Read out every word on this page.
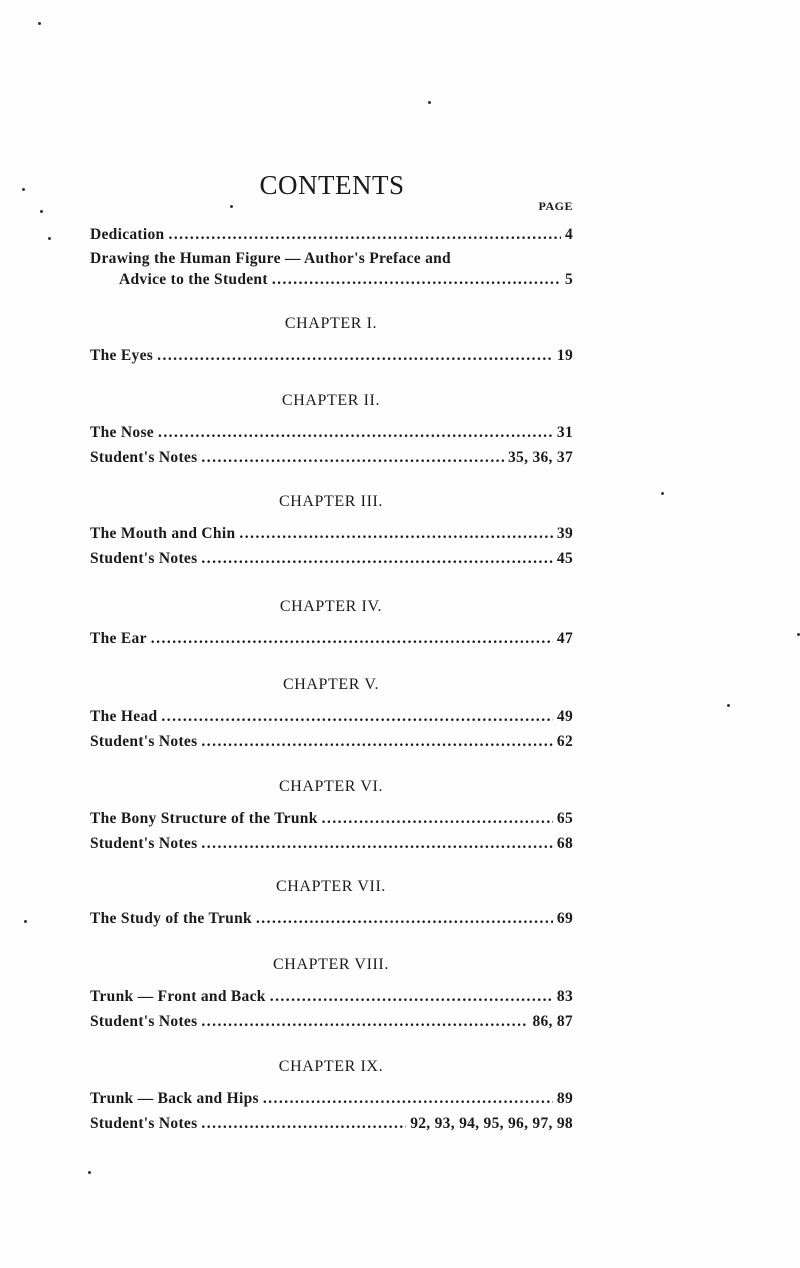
CONTENTS
PAGE
Dedication . . .	4
Drawing the Human Figure — Author's Preface and
Advice to the Student . . .	5
CHAPTER I.
The Eyes . . .	19
CHAPTER II.
The Nose . . .	31
Student's Notes . . .	35, 36, 37
CHAPTER III.
The Mouth and Chin . . .	39
Student's Notes . . .	45
CHAPTER IV.
The Ear . . .	47
CHAPTER V.
The Head . . .	49
Student's Notes . . .	62
CHAPTER VI.
The Bony Structure of the Trunk . . .	65
Student's Notes . . .	68
CHAPTER VII.
The Study of the Trunk . . .	69
CHAPTER VIII.
Trunk — Front and Back . . .	83
Student's Notes . . .	86, 87
CHAPTER IX.
Trunk — Back and Hips . . .	89
Student's Notes . . .	92, 93, 94, 95, 96, 97, 98
